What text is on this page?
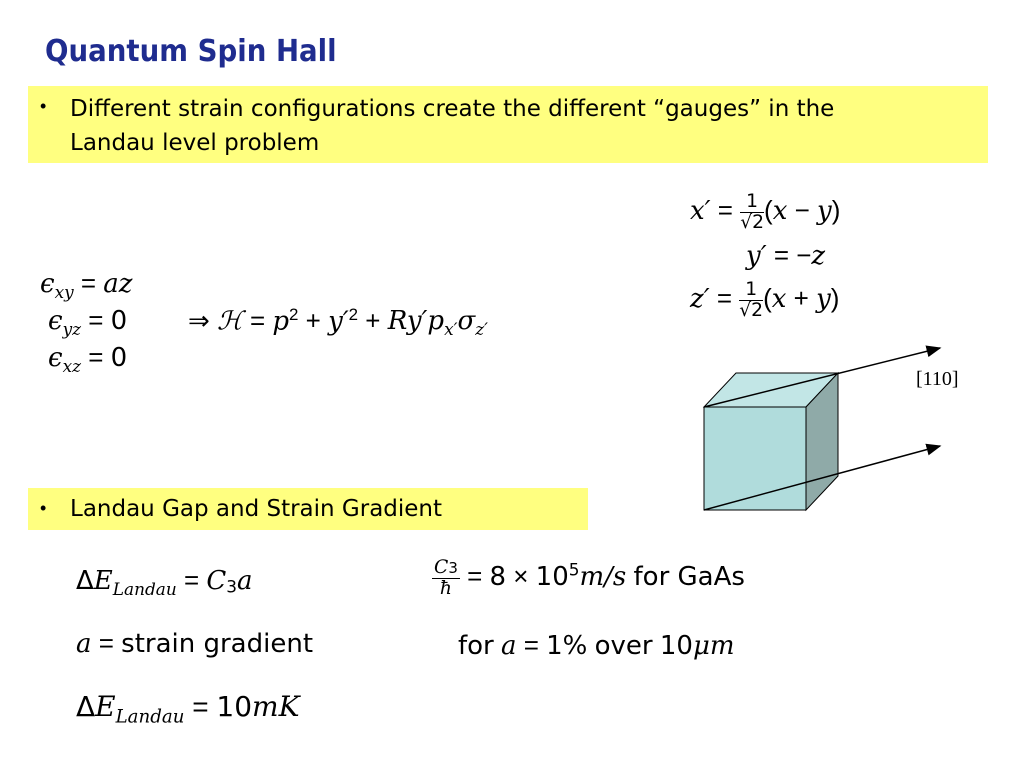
Quantum Spin Hall
• Different strain configurations create the different “gauges” in the
Landau level problem
$\epsilon_{xy}$ = az
$\epsilon_{yz} = 0$
$\epsilon_{xz} = 0$
⇒ ℋ = $p^2 + y'^2 + Ry'p_{x'}\sigma_{z'}$
$x' = \frac{1}{√2} (x - y)$
y′ = −z
$z' = \frac{1}{√2} (x + y)$
[110]
• Landau Gap and Strain Gradient
$\Delta E_{Landau} = C_3a$	$\frac{C3}{ħ} = 8 \times 10^5m/s$ for GaAs
a = strain gradient	for a = 1% over 10μm
$\Delta E_{Landau} = 10mK$
